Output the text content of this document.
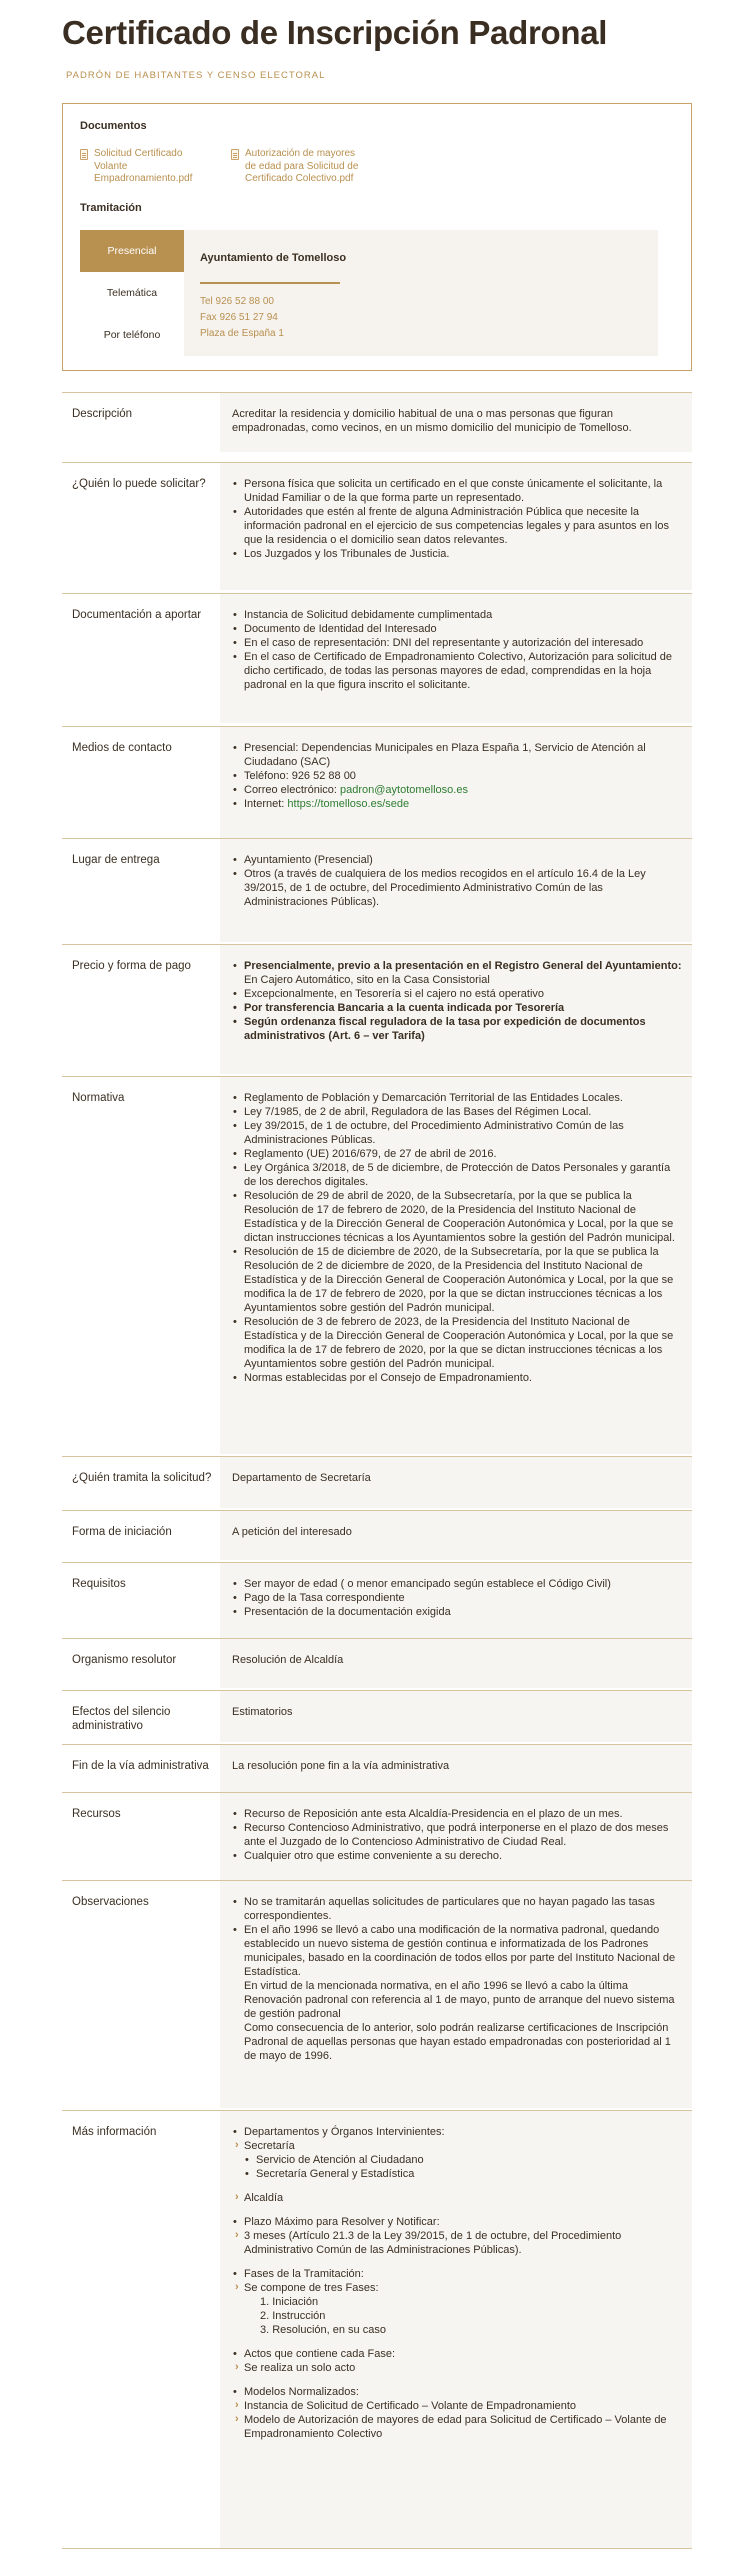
Certificado de Inscripción Padronal
PADRÓN DE HABITANTES Y CENSO ELECTORAL
Documentos
Solicitud Certificado
Volante
Empadronamiento.pdf
Autorización de mayores
de edad para Solicitud de
Certificado Colectivo.pdf
Tramitación
Presencial
Telemática
Por teléfono
Ayuntamiento de Tomelloso
Tel 926 52 88 00
Fax 926 51 27 94
Plaza de España 1
Descripción	Acreditar la residencia y domicilio habitual de una o mas personas que figuran empadronadas, como vecinos, en un mismo domicilio del municipio de Tomelloso.
¿Quién lo puede solicitar?	• Persona física que solicita un certificado en el que conste únicamente el solicitante, la Unidad Familiar o de la que forma parte un representado.
• Autoridades que estén al frente de alguna Administración Pública que necesite la información padronal en el ejercicio de sus competencias legales y para asuntos en los que la residencia o el domicilio sean datos relevantes.
• Los Juzgados y los Tribunales de Justicia.
Documentación a aportar	• Instancia de Solicitud debidamente cumplimentada
• Documento de Identidad del Interesado
• En el caso de representación: DNI del representante y autorización del interesado
• En el caso de Certificado de Empadronamiento Colectivo, Autorización para solicitud de dicho certificado, de todas las personas mayores de edad, comprendidas en la hoja padronal en la que figura inscrito el solicitante.
Medios de contacto	• Presencial: Dependencias Municipales en Plaza España 1, Servicio de Atención al Ciudadano (SAC)
• Teléfono: 926 52 88 00
• Correo electrónico: padron@aytotomelloso.es
• Internet: https://tomelloso.es/sede
Lugar de entrega	• Ayuntamiento (Presencial)
• Otros (a través de cualquiera de los medios recogidos en el artículo 16.4 de la Ley 39/2015, de 1 de octubre, del Procedimiento Administrativo Común de las Administraciones Públicas).
Precio y forma de pago	• Presencialmente, previo a la presentación en el Registro General del Ayuntamiento: En Cajero Automático, sito en la Casa Consistorial
• Excepcionalmente, en Tesorería si el cajero no está operativo
• Por transferencia Bancaria a la cuenta indicada por Tesorería
• Según ordenanza fiscal reguladora de la tasa por expedición de documentos administrativos (Art. 6 – ver Tarifa)
Normativa	• Reglamento de Población y Demarcación Territorial de las Entidades Locales.
• Ley 7/1985, de 2 de abril, Reguladora de las Bases del Régimen Local.
• Ley 39/2015, de 1 de octubre, del Procedimiento Administrativo Común de las Administraciones Públicas.
• Reglamento (UE) 2016/679, de 27 de abril de 2016.
• Ley Orgánica 3/2018, de 5 de diciembre, de Protección de Datos Personales y garantía de los derechos digitales.
• Resolución de 29 de abril de 2020, de la Subsecretaría, por la que se publica la Resolución de 17 de febrero de 2020, de la Presidencia del Instituto Nacional de Estadística y de la Dirección General de Cooperación Autonómica y Local, por la que se dictan instrucciones técnicas a los Ayuntamientos sobre la gestión del Padrón municipal.
• Resolución de 15 de diciembre de 2020, de la Subsecretaría, por la que se publica la Resolución de 2 de diciembre de 2020, de la Presidencia del Instituto Nacional de Estadística y de la Dirección General de Cooperación Autonómica y Local, por la que se modifica la de 17 de febrero de 2020, por la que se dictan instrucciones técnicas a los Ayuntamientos sobre gestión del Padrón municipal.
• Resolución de 3 de febrero de 2023, de la Presidencia del Instituto Nacional de Estadística y de la Dirección General de Cooperación Autonómica y Local, por la que se modifica la de 17 de febrero de 2020, por la que se dictan instrucciones técnicas a los Ayuntamientos sobre gestión del Padrón municipal.
• Normas establecidas por el Consejo de Empadronamiento.
¿Quién tramita la solicitud? Departamento de Secretaría
Forma de iniciación	A petición del interesado
Requisitos	• Ser mayor de edad ( o menor emancipado según establece el Código Civil)
• Pago de la Tasa correspondiente
• Presentación de la documentación exigida
Organismo resolutor	Resolución de Alcaldía
Efectos del silencio administrativo
Estimatorios
Fin de la vía administrativa La resolución pone fin a la vía administrativa
Recursos	• Recurso de Reposición ante esta Alcaldía-Presidencia en el plazo de un mes.
• Recurso Contencioso Administrativo, que podrá interponerse en el plazo de dos meses ante el Juzgado de lo Contencioso Administrativo de Ciudad Real.
• Cualquier otro que estime conveniente a su derecho.
Observaciones	• No se tramitarán aquellas solicitudes de particulares que no hayan pagado las tasas correspondientes.
• En el año 1996 se llevó a cabo una modificación de la normativa padronal, quedando establecido un nuevo sistema de gestión continua e informatizada de los Padrones municipales, basado en la coordinación de todos ellos por parte del Instituto Nacional de Estadística.
En virtud de la mencionada normativa, en el año 1996 se llevó a cabo la última Renovación padronal con referencia al 1 de mayo, punto de arranque del nuevo sistema de gestión padronal
Como consecuencia de lo anterior, solo podrán realizarse certificaciones de Inscripción Padronal de aquellas personas que hayan estado empadronadas con posterioridad al 1 de mayo de 1996.
Más información	• Departamentos y Órganos Intervinientes:
› Secretaría
• Servicio de Atención al Ciudadano
• Secretaría General y Estadística
› Alcaldía
• Plazo Máximo para Resolver y Notificar:
› 3 meses (Artículo 21.3 de la Ley 39/2015, de 1 de octubre, del Procedimiento Administrativo Común de las Administraciones Públicas).
• Fases de la Tramitación:
› Se compone de tres Fases:
1. Iniciación
2. Instrucción
3. Resolución, en su caso
• Actos que contiene cada Fase:
› Se realiza un solo acto
• Modelos Normalizados:
› Instancia de Solicitud de Certificado – Volante de Empadronamiento
› Modelo de Autorización de mayores de edad para Solicitud de Certificado – Volante de Empadronamiento Colectivo
